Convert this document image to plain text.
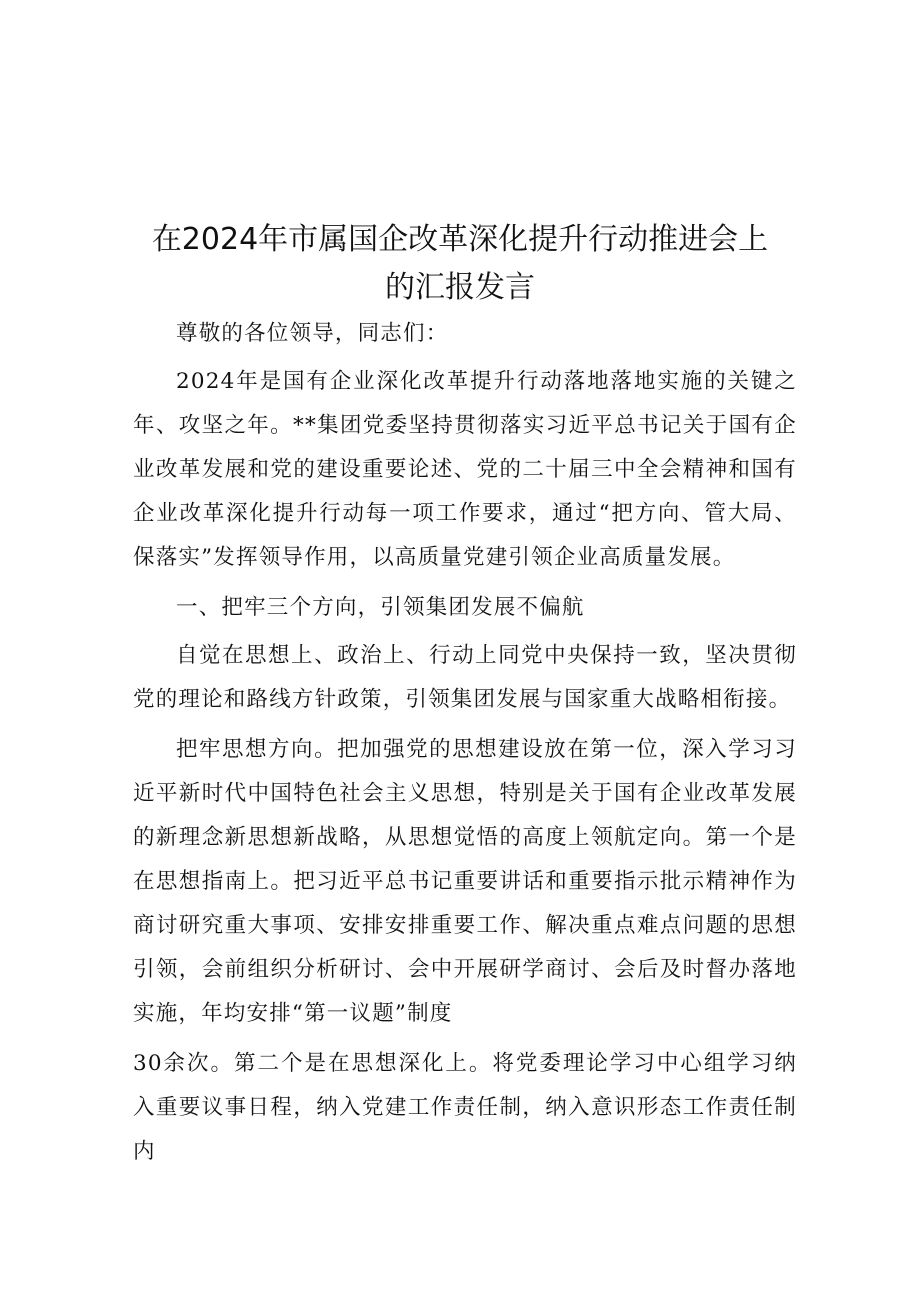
在2024年市属国企改革深化提升行动推进会上
的汇报发言

尊敬的各位领导，同志们：

2024年是国有企业深化改革提升行动落地落地实施的关键之年、攻坚之年。**集团党委坚持贯彻落实习近平总书记关于国有企业改革发展和党的建设重要论述、党的二十届三中全会精神和国有企业改革深化提升行动每一项工作要求，通过“把方向、管大局、保落实”发挥领导作用，以高质量党建引领企业高质量发展。

一、把牢三个方向，引领集团发展不偏航

自觉在思想上、政治上、行动上同党中央保持一致，坚决贯彻党的理论和路线方针政策，引领集团发展与国家重大战略相衔接。

把牢思想方向。把加强党的思想建设放在第一位，深入学习习近平新时代中国特色社会主义思想，特别是关于国有企业改革发展的新理念新思想新战略，从思想觉悟的高度上领航定向。第一个是在思想指南上。把习近平总书记重要讲话和重要指示批示精神作为商讨研究重大事项、安排安排重要工作、解决重点难点问题的思想引领，会前组织分析研讨、会中开展研学商讨、会后及时督办落地实施，年均安排“第一议题”制度

30余次。第二个是在思想深化上。将党委理论学习中心组学习纳入重要议事日程，纳入党建工作责任制，纳入意识形态工作责任制内
